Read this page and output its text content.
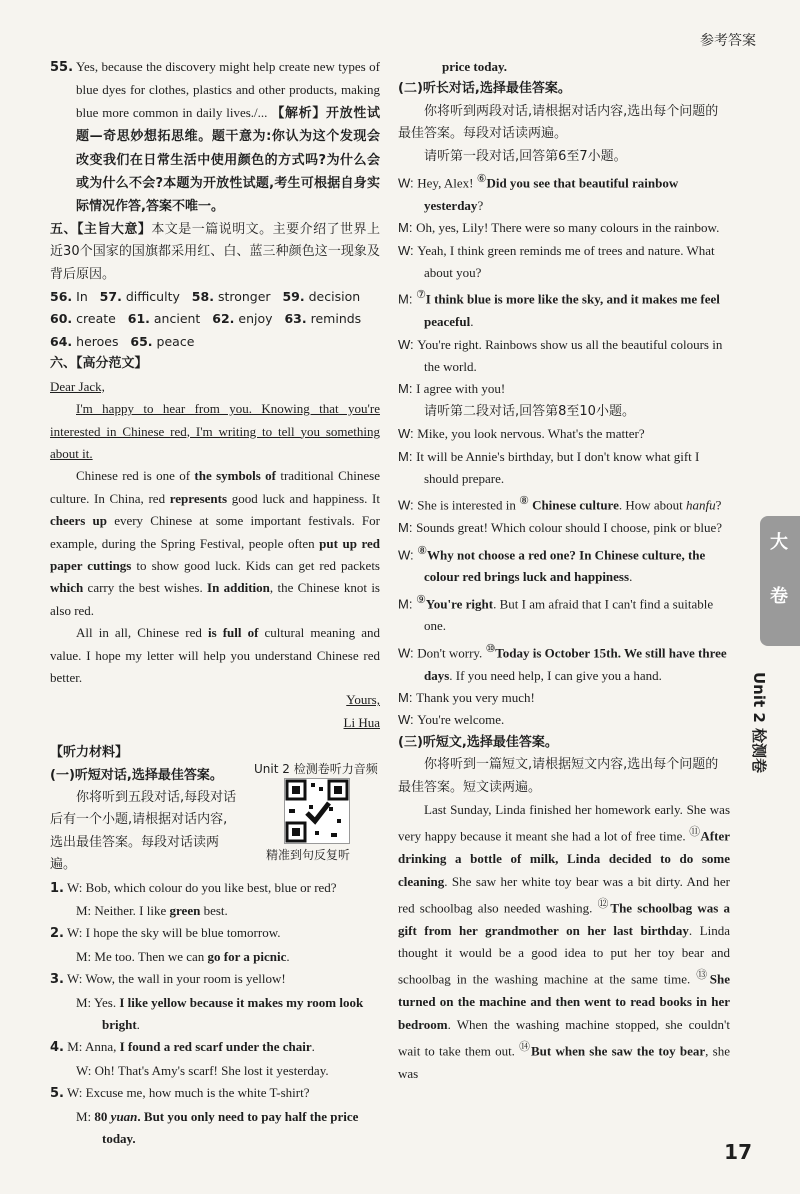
参考答案

55. Yes, because the discovery might help create new types of blue dyes for clothes, plastics and other products, making blue more common in daily lives./... 【解析】开放性试题—奇思妙想拓思维。题干意为:你认为这个发现会改变我们在日常生活中使用颜色的方式吗?为什么会或为什么不会?本题为开放性试题,考生可根据自身实际情况作答,答案不唯一。

五、【主旨大意】本文是一篇说明文。主要介绍了世界上近30个国家的国旗都采用红、白、蓝三种颜色这一现象及背后原因。

56. In 57. difficulty 58. stronger 59. decision
60. create 61. ancient 62. enjoy 63. reminds
64. heroes 65. peace

六、【高分范文】

Dear Jack,

I'm happy to hear from you. Knowing that you're interested in Chinese red, I'm writing to tell you something about it.

Chinese red is one of the symbols of traditional Chinese culture. In China, red represents good luck and happiness. It cheers up every Chinese at some important festivals. For example, during the Spring Festival, people often put up red paper cuttings to show good luck. Kids can get red packets which carry the best wishes. In addition, the Chinese knot is also red.

All in all, Chinese red is full of cultural meaning and value. I hope my letter will help you understand Chinese red better.

Yours,

Li Hua

【听力材料】

(一)听短对话,选择最佳答案。

你将听到五段对话,每段对话后有一个小题,请根据对话内容,选出最佳答案。每段对话读两遍。

1. W: Bob, which colour do you like best, blue or red?

M: Neither. I like green best.

2. W: I hope the sky will be blue tomorrow.

M: Me too. Then we can go for a picnic.

3. W: Wow, the wall in your room is yellow!

M: Yes. I like yellow because it makes my room look bright.

4. M: Anna, I found a red scarf under the chair.

W: Oh! That's Amy's scarf! She lost it yesterday.

5. W: Excuse me, how much is the white T-shirt?

M: 80 yuan. But you only need to pay half the price today.

Unit 2 检测卷听力音频
精准到句反复听

price today.

(二)听长对话,选择最佳答案。

你将听到两段对话,请根据对话内容,选出每个问题的最佳答案。每段对话读两遍。

请听第一段对话,回答第6至7小题。

W: Hey, Alex! ⑥Did you see that beautiful rainbow yesterday?

M: Oh, yes, Lily! There were so many colours in the rainbow.

W: Yeah, I think green reminds me of trees and nature. What about you?

M: ⑦I think blue is more like the sky, and it makes me feel peaceful.

W: You're right. Rainbows show us all the beautiful colours in the world.

M: I agree with you!

请听第二段对话,回答第8至10小题。

W: Mike, you look nervous. What's the matter?

M: It will be Annie's birthday, but I don't know what gift I should prepare.

W: She is interested in ⑧ Chinese culture. How about hanfu?

M: Sounds great! Which colour should I choose, pink or blue?

W: ⑧Why not choose a red one? In Chinese culture, the colour red brings luck and happiness.

M: ⑨You're right. But I am afraid that I can't find a suitable one.

W: Don't worry. ⑩Today is October 15th. We still have three days. If you need help, I can give you a hand.

M: Thank you very much!

W: You're welcome.

(三)听短文,选择最佳答案。

你将听到一篇短文,请根据短文内容,选出每个问题的最佳答案。短文读两遍。

Last Sunday, Linda finished her homework early. She was very happy because it meant she had a lot of free time. ⑪After drinking a bottle of milk, Linda decided to do some cleaning. She saw her white toy bear was a bit dirty. And her red schoolbag also needed washing. ⑫The schoolbag was a gift from her grandmother on her last birthday. Linda thought it would be a good idea to put her toy bear and schoolbag in the washing machine at the same time. ⑬She turned on the machine and then went to read books in her bedroom. When the washing machine stopped, she couldn't wait to take them out. ⑭But when she saw the toy bear, she was

大
卷
Unit 2 检测卷
17
